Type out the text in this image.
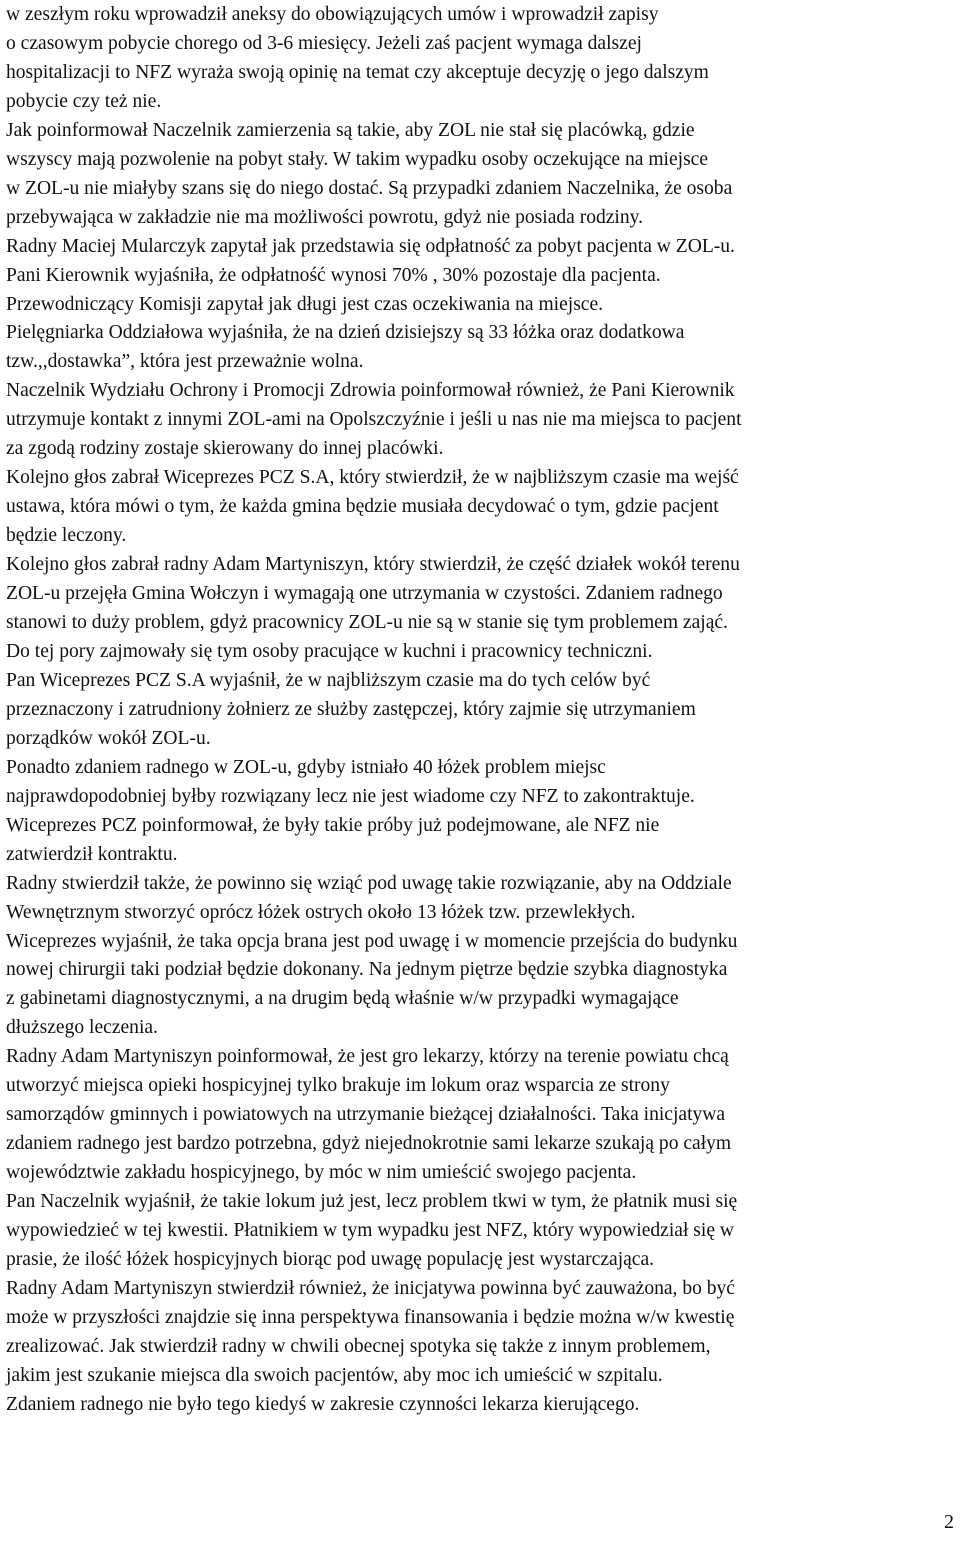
w zeszłym roku wprowadził aneksy do obowiązujących umów i wprowadził zapisy
o czasowym pobycie chorego od 3-6 miesięcy. Jeżeli zaś pacjent wymaga dalszej
hospitalizacji to NFZ wyraża swoją opinię na temat czy akceptuje decyzję o jego dalszym
pobycie czy też nie.
Jak poinformował Naczelnik zamierzenia są takie, aby ZOL nie stał się placówką, gdzie
wszyscy mają pozwolenie na pobyt stały. W takim wypadku osoby oczekujące na miejsce
w ZOL-u nie miałyby szans się do niego dostać. Są przypadki zdaniem Naczelnika, że osoba
przebywająca w zakładzie nie ma możliwości powrotu, gdyż nie posiada rodziny.
Radny Maciej Mularczyk zapytał jak przedstawia się odpłatność za pobyt pacjenta w ZOL-u.
Pani Kierownik wyjaśniła, że odpłatność wynosi 70% , 30% pozostaje dla pacjenta.
Przewodniczący Komisji zapytał jak długi jest czas oczekiwania na miejsce.
Pielęgniarka Oddziałowa wyjaśniła, że na dzień dzisiejszy są 33 łóżka oraz dodatkowa
tzw.,,dostawka”, która jest przeważnie wolna.
Naczelnik Wydziału Ochrony i Promocji Zdrowia poinformował również, że Pani Kierownik
utrzymuje kontakt z innymi ZOL-ami na Opolszczyźnie i jeśli u nas nie ma miejsca to pacjent
za zgodą rodziny zostaje skierowany do innej placówki.
Kolejno głos zabrał Wiceprezes PCZ S.A, który stwierdził, że w najbliższym czasie ma wejść
ustawa, która mówi o tym, że każda gmina będzie musiała decydować o tym, gdzie pacjent
będzie leczony.
Kolejno głos zabrał radny Adam Martyniszyn, który stwierdził, że część działek wokół terenu
ZOL-u przejęła Gmina Wołczyn i wymagają one utrzymania w czystości. Zdaniem radnego
stanowi to duży problem, gdyż pracownicy ZOL-u nie są w stanie się tym problemem zająć.
Do tej pory zajmowały się tym osoby pracujące w kuchni i pracownicy techniczni.
Pan Wiceprezes PCZ S.A wyjaśnił, że w najbliższym czasie ma do tych celów być
przeznaczony i zatrudniony żołnierz ze służby zastępczej, który zajmie się utrzymaniem
porządków wokół ZOL-u.
Ponadto zdaniem radnego w ZOL-u, gdyby istniało 40 łóżek problem miejsc
najprawdopodobniej byłby rozwiązany lecz nie jest wiadome czy NFZ to zakontraktuje.
Wiceprezes PCZ poinformował, że były takie próby już podejmowane, ale NFZ nie
zatwierdził kontraktu.
Radny stwierdził także, że powinno się wziąć pod uwagę takie rozwiązanie, aby na Oddziale
Wewnętrznym stworzyć oprócz łóżek ostrych około 13 łóżek tzw. przewlekłych.
Wiceprezes wyjaśnił, że taka opcja brana jest pod uwagę i w momencie przejścia do budynku
nowej chirurgii taki podział będzie dokonany. Na jednym piętrze będzie szybka diagnostyka
z gabinetami diagnostycznymi, a na drugim będą właśnie w/w przypadki wymagające
dłuższego leczenia.
Radny Adam Martyniszyn poinformował, że jest gro lekarzy, którzy na terenie powiatu chcą
utworzyć miejsca opieki hospicyjnej tylko brakuje im lokum oraz wsparcia ze strony
samorządów gminnych i powiatowych na utrzymanie bieżącej działalności. Taka inicjatywa
zdaniem radnego jest bardzo potrzebna, gdyż niejednokrotnie sami lekarze szukają po całym
województwie zakładu hospicyjnego, by móc w nim umieścić swojego pacjenta.
Pan Naczelnik wyjaśnił, że takie lokum już jest, lecz problem tkwi w tym, że płatnik musi się
wypowiedzieć w tej kwestii. Płatnikiem w tym wypadku jest NFZ, który wypowiedział się w
prasie, że ilość łóżek hospicyjnych biorąc pod uwagę populację jest wystarczająca.
Radny Adam Martyniszyn stwierdził również, że inicjatywa powinna być zauważona, bo być
może w przyszłości znajdzie się inna perspektywa finansowania i będzie można w/w kwestię
zrealizować. Jak stwierdził radny w chwili obecnej spotyka się także z innym problemem,
jakim jest szukanie miejsca dla swoich pacjentów, aby moc ich umieścić w szpitalu.
Zdaniem radnego nie było tego kiedyś w zakresie czynności lekarza kierującego.
2
